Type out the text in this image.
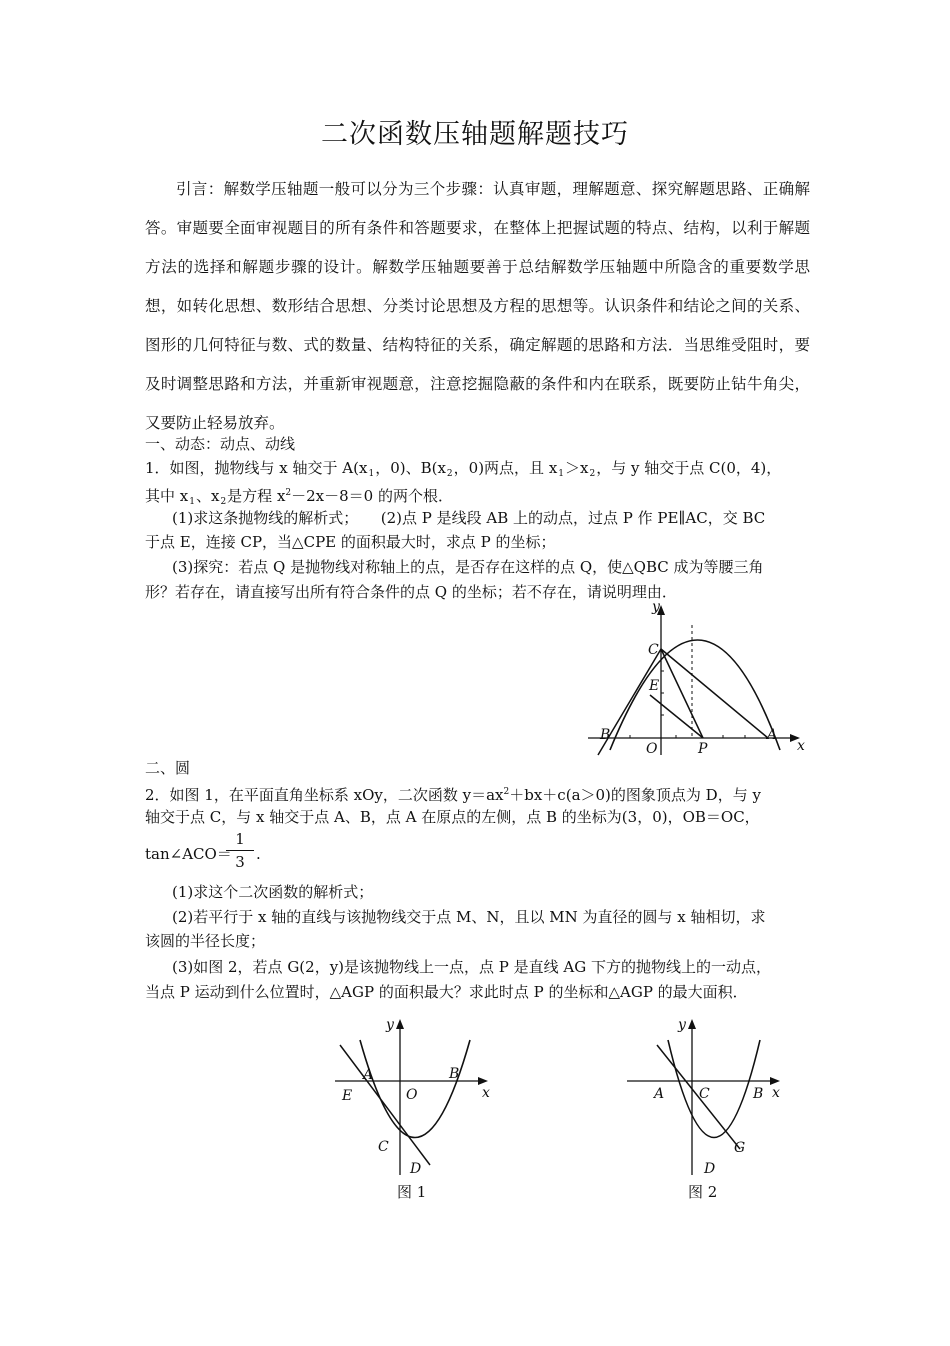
二次函数压轴题解题技巧

引言：解数学压轴题一般可以分为三个步骤：认真审题，理解题意、探究解题思路、正确解答。审题要全面审视题目的所有条件和答题要求，在整体上把握试题的特点、结构，以利于解题方法的选择和解题步骤的设计。解数学压轴题要善于总结解数学压轴题中所隐含的重要数学思想，如转化思想、数形结合思想、分类讨论思想及方程的思想等。认识条件和结论之间的关系、图形的几何特征与数、式的数量、结构特征的关系，确定解题的思路和方法．当思维受阻时，要及时调整思路和方法，并重新审视题意，注意挖掘隐蔽的条件和内在联系，既要防止钻牛角尖，又要防止轻易放弃。

一、动态：动点、动线
1．如图，抛物线与 x 轴交于 $A(x_1$，0)、$B(x_2$，0)两点，且 $x_1>x_2$，与 y 轴交于点 C(0，4)，
其中 $x_1$、$x_2$是方程 $x^2-2x-8=0$ 的两个根．
(1)求这条抛物线的解析式；　　(2)点 P 是线段 AB 上的动点，过点 P 作 PE∥AC，交 BC
于点 E，连接 CP，当△CPE 的面积最大时，求点 P 的坐标；
(3)探究：若点 Q 是抛物线对称轴上的点，是否存在这样的点 Q，使△QBC 成为等腰三角
形？若存在，请直接写出所有符合条件的点 Q 的坐标；若不存在，请说明理由．
y
x
C
E
B
O	P
A
二、圆
2．如图 1，在平面直角坐标系 xOy，二次函数 $y=ax^2+bx+c(a>0)$的图象顶点为 D，与 y
轴交于点 C，与 x 轴交于点 A、B，点 A 在原点的左侧，点 B 的坐标为(3，0)，OB＝OC，
tan∠ACO＝
1
3 .
(1)求这个二次函数的解析式；
(2)若平行于 x 轴的直线与该抛物线交于点 M、N，且以 MN 为直径的圆与 x 轴相切，求
该圆的半径长度；
(3)如图 2，若点 G(2，y)是该抛物线上一点，点 P 是直线 AG 下方的抛物线上的一动点，
当点 P 运动到什么位置时，△AGP 的面积最大？求此时点 P 的坐标和△AGP 的最大面积．
y
x
A	B
E	O
C
D
图 1
y
x
A C	B
G
D
图 2
